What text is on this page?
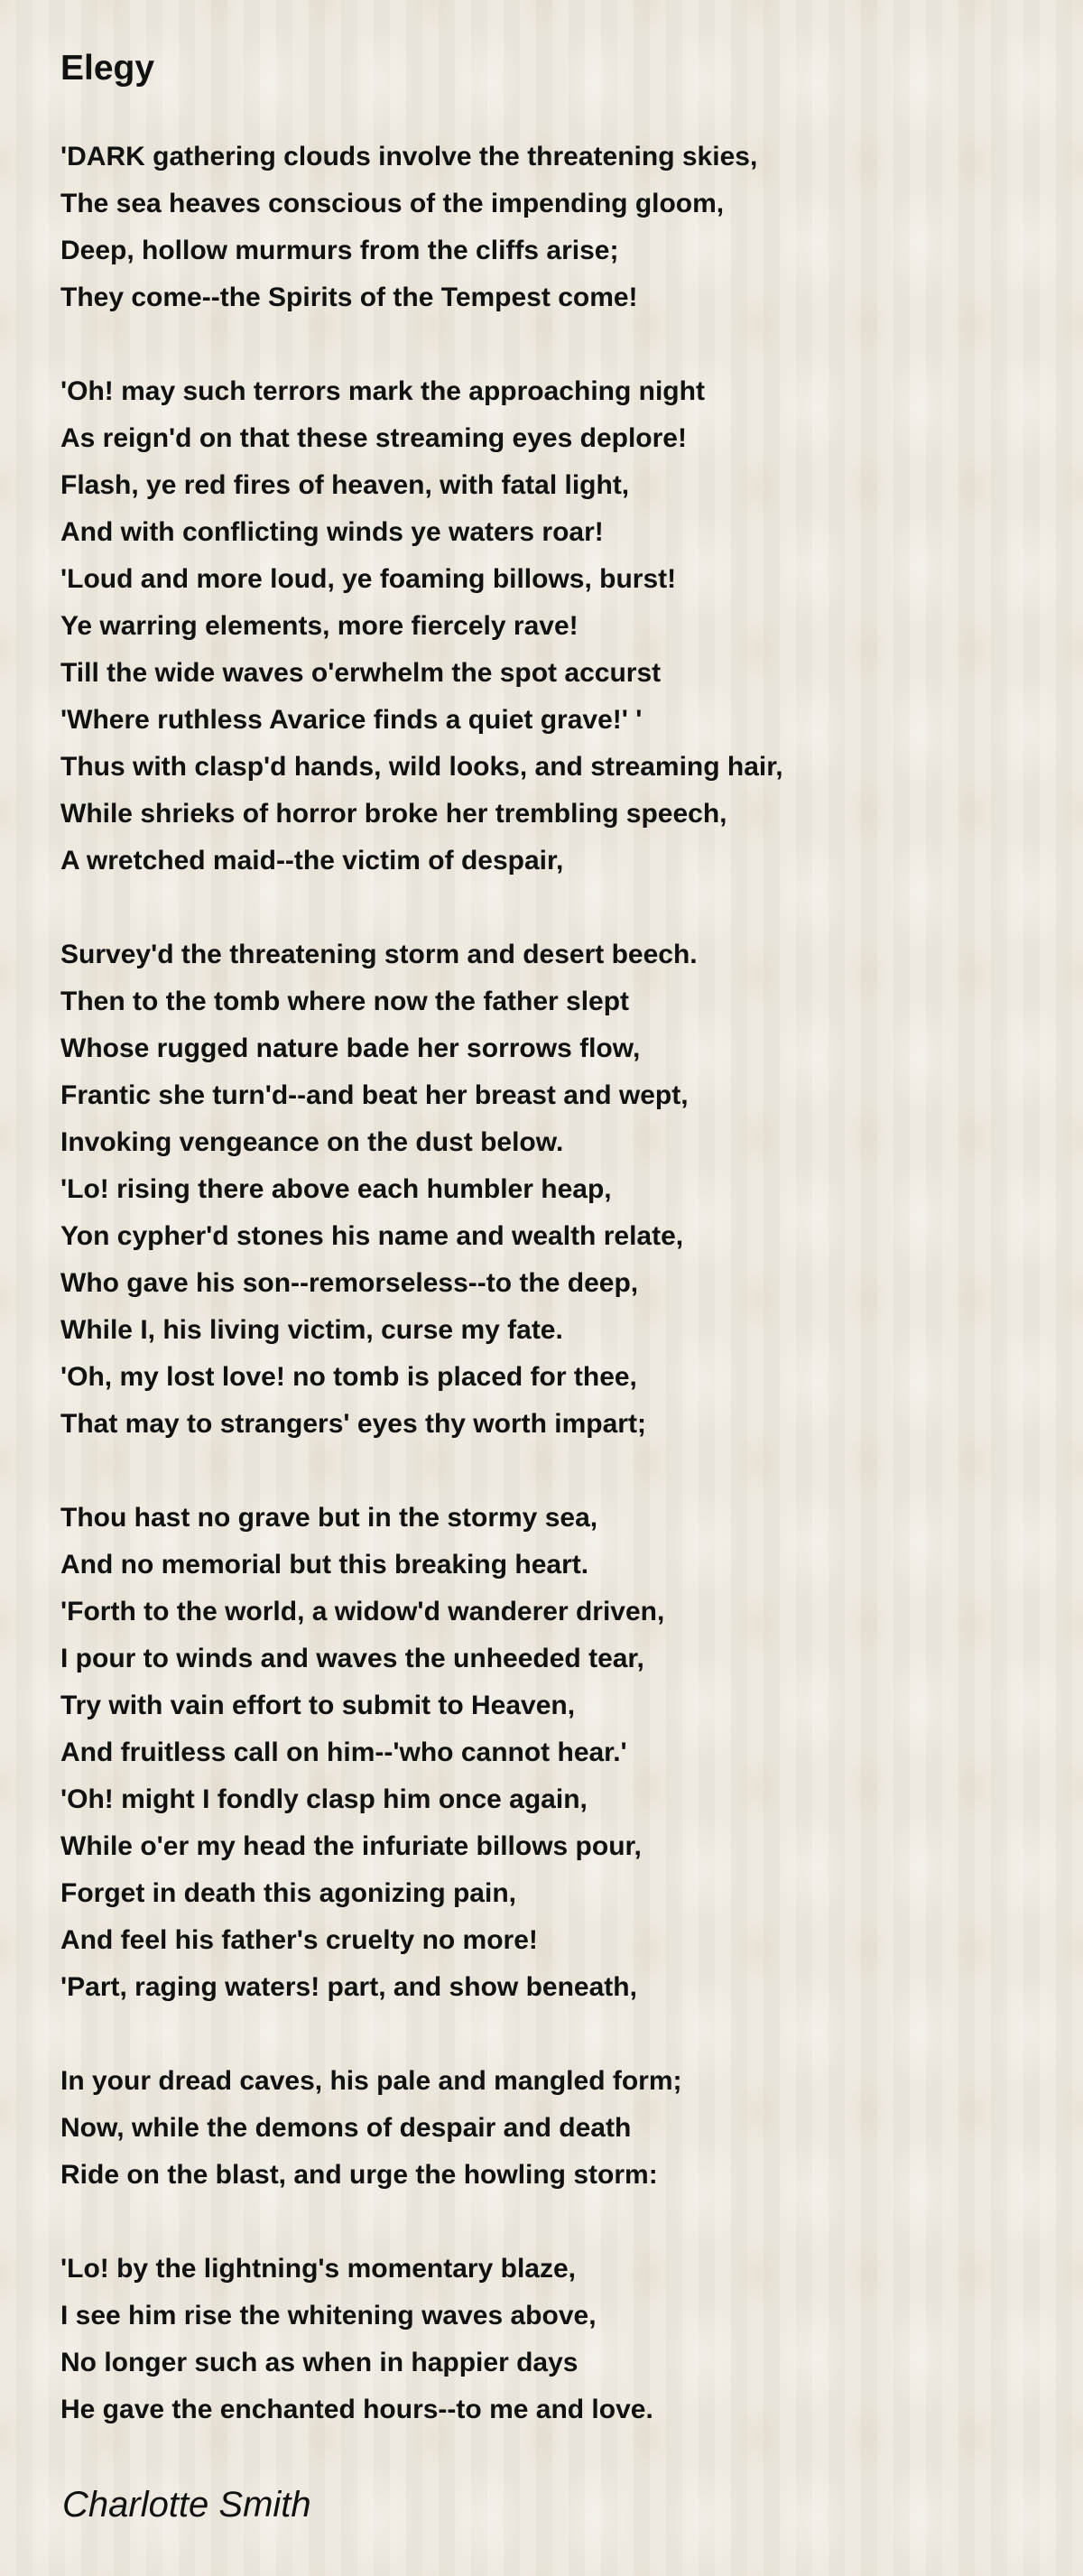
Elegy
'DARK gathering clouds involve the threatening skies,
The sea heaves conscious of the impending gloom,
Deep, hollow murmurs from the cliffs arise;
They come--the Spirits of the Tempest come!
'Oh! may such terrors mark the approaching night
As reign'd on that these streaming eyes deplore!
Flash, ye red fires of heaven, with fatal light,
And with conflicting winds ye waters roar!
'Loud and more loud, ye foaming billows, burst!
Ye warring elements, more fiercely rave!
Till the wide waves o'erwhelm the spot accurst
'Where ruthless Avarice finds a quiet grave!' '
Thus with clasp'd hands, wild looks, and streaming hair,
While shrieks of horror broke her trembling speech,
A wretched maid--the victim of despair,
Survey'd the threatening storm and desert beech.
Then to the tomb where now the father slept
Whose rugged nature bade her sorrows flow,
Frantic she turn'd--and beat her breast and wept,
Invoking vengeance on the dust below.
'Lo! rising there above each humbler heap,
Yon cypher'd stones his name and wealth relate,
Who gave his son--remorseless--to the deep,
While I, his living victim, curse my fate.
'Oh, my lost love! no tomb is placed for thee,
That may to strangers' eyes thy worth impart;
Thou hast no grave but in the stormy sea,
And no memorial but this breaking heart.
'Forth to the world, a widow'd wanderer driven,
I pour to winds and waves the unheeded tear,
Try with vain effort to submit to Heaven,
And fruitless call on him--'who cannot hear.'
'Oh! might I fondly clasp him once again,
While o'er my head the infuriate billows pour,
Forget in death this agonizing pain,
And feel his father's cruelty no more!
'Part, raging waters! part, and show beneath,
In your dread caves, his pale and mangled form;
Now, while the demons of despair and death
Ride on the blast, and urge the howling storm:
'Lo! by the lightning's momentary blaze,
I see him rise the whitening waves above,
No longer such as when in happier days
He gave the enchanted hours--to me and love.

Charlotte Smith
